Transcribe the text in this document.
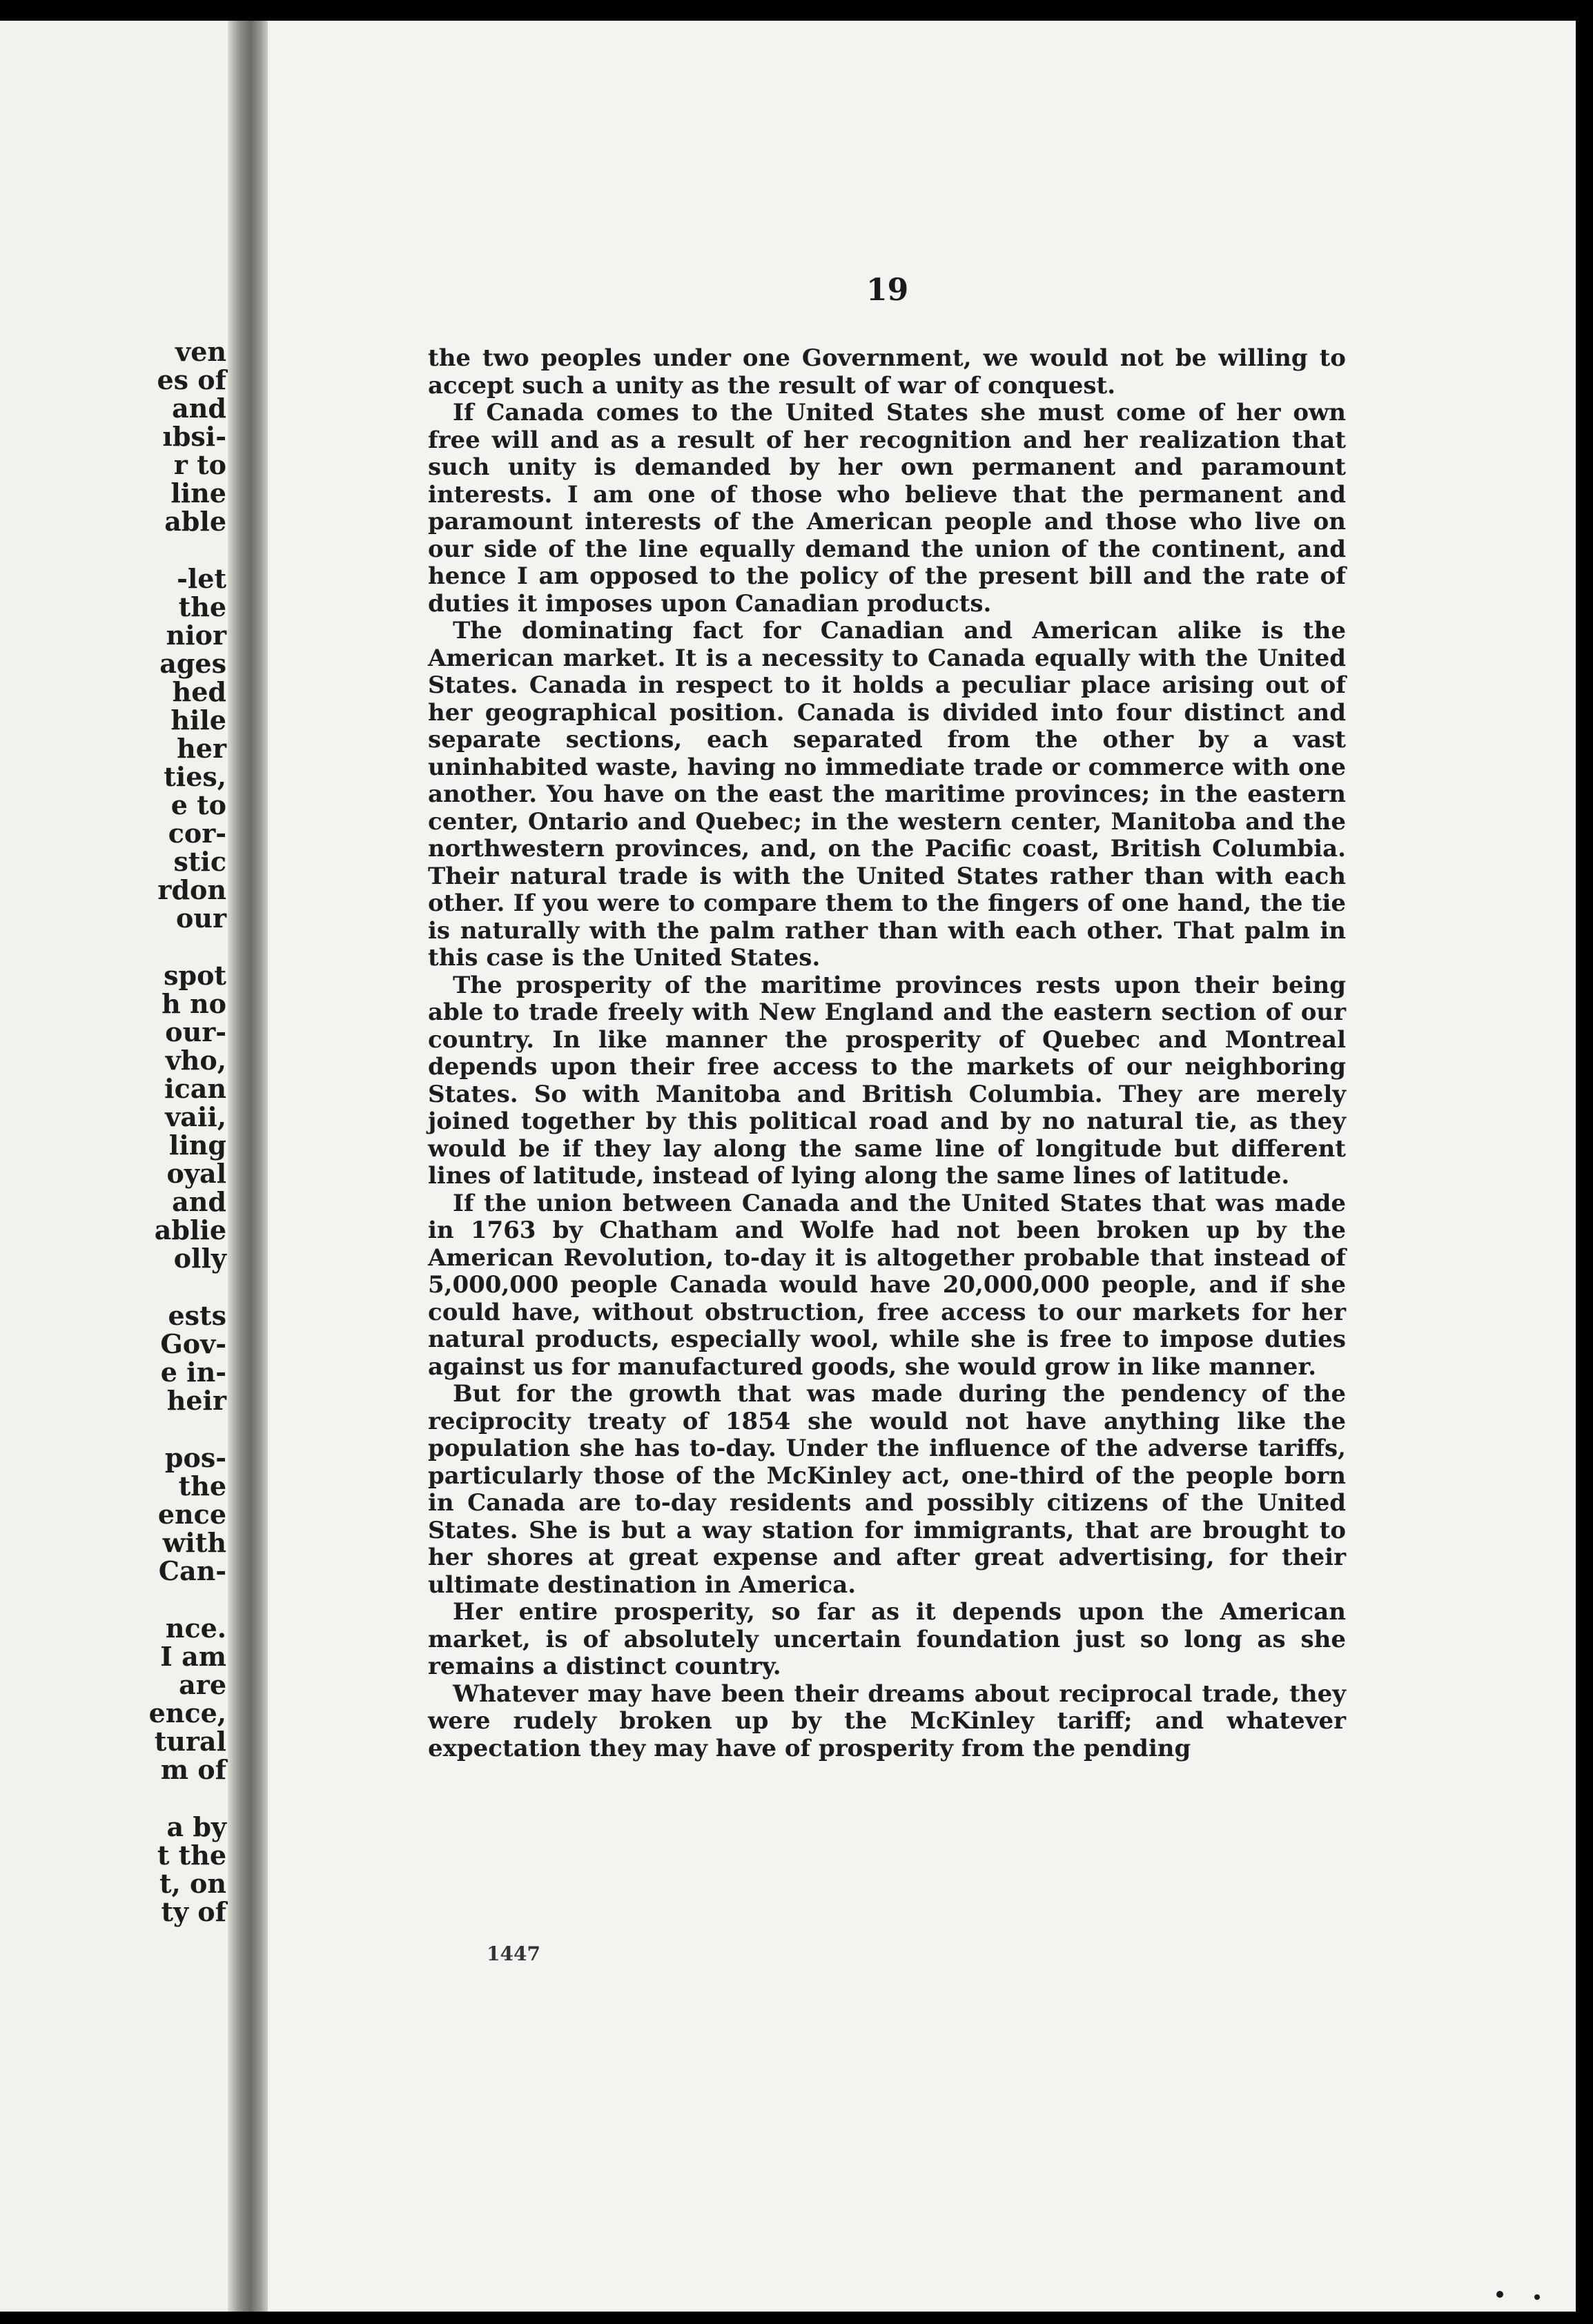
ven
es of
and
ıbsi-
r to
line
able
-let
the
nior
ages
hed
hile
her
ties,
e to
cor-
stic
rdon
our
spot
h no
our-
vho,
ican
vaii,
ling
oyal
and
ablie
olly
ests
Gov-
e in-
heir
pos-
the
ence
with
Can-
nce.
I am
are
ence,
tural
m of
a by
t the
t, on
ty of
19

the two peoples under one Government, we would not be willing to accept such a unity as the result of war of conquest.

If Canada comes to the United States she must come of her own free will and as a result of her recognition and her realization that such unity is demanded by her own permanent and paramount interests. I am one of those who believe that the permanent and paramount interests of the American people and those who live on our side of the line equally demand the union of the continent, and hence I am opposed to the policy of the present bill and the rate of duties it imposes upon Canadian products.

The dominating fact for Canadian and American alike is the American market. It is a necessity to Canada equally with the United States. Canada in respect to it holds a peculiar place arising out of her geographical position. Canada is divided into four distinct and separate sections, each separated from the other by a vast uninhabited waste, having no immediate trade or commerce with one another. You have on the east the maritime provinces; in the eastern center, Ontario and Quebec; in the western center, Manitoba and the northwestern provinces, and, on the Pacific coast, British Columbia. Their natural trade is with the United States rather than with each other. If you were to compare them to the fingers of one hand, the tie is naturally with the palm rather than with each other. That palm in this case is the United States.

The prosperity of the maritime provinces rests upon their being able to trade freely with New England and the eastern section of our country. In like manner the prosperity of Quebec and Montreal depends upon their free access to the markets of our neighboring States. So with Manitoba and British Columbia. They are merely joined together by this political road and by no natural tie, as they would be if they lay along the same line of longitude but different lines of latitude, instead of lying along the same lines of latitude.

If the union between Canada and the United States that was made in 1763 by Chatham and Wolfe had not been broken up by the American Revolution, to-day it is altogether probable that instead of 5,000,000 people Canada would have 20,000,000 people, and if she could have, without obstruction, free access to our markets for her natural products, especially wool, while she is free to impose duties against us for manufactured goods, she would grow in like manner.

But for the growth that was made during the pendency of the reciprocity treaty of 1854 she would not have anything like the population she has to-day. Under the influence of the adverse tariffs, particularly those of the McKinley act, one-third of the people born in Canada are to-day residents and possibly citizens of the United States. She is but a way station for immigrants, that are brought to her shores at great expense and after great advertising, for their ultimate destination in America.

Her entire prosperity, so far as it depends upon the American market, is of absolutely uncertain foundation just so long as she remains a distinct country.

Whatever may have been their dreams about reciprocal trade, they were rudely broken up by the McKinley tariff; and whatever expectation they may have of prosperity from the pending

1447
